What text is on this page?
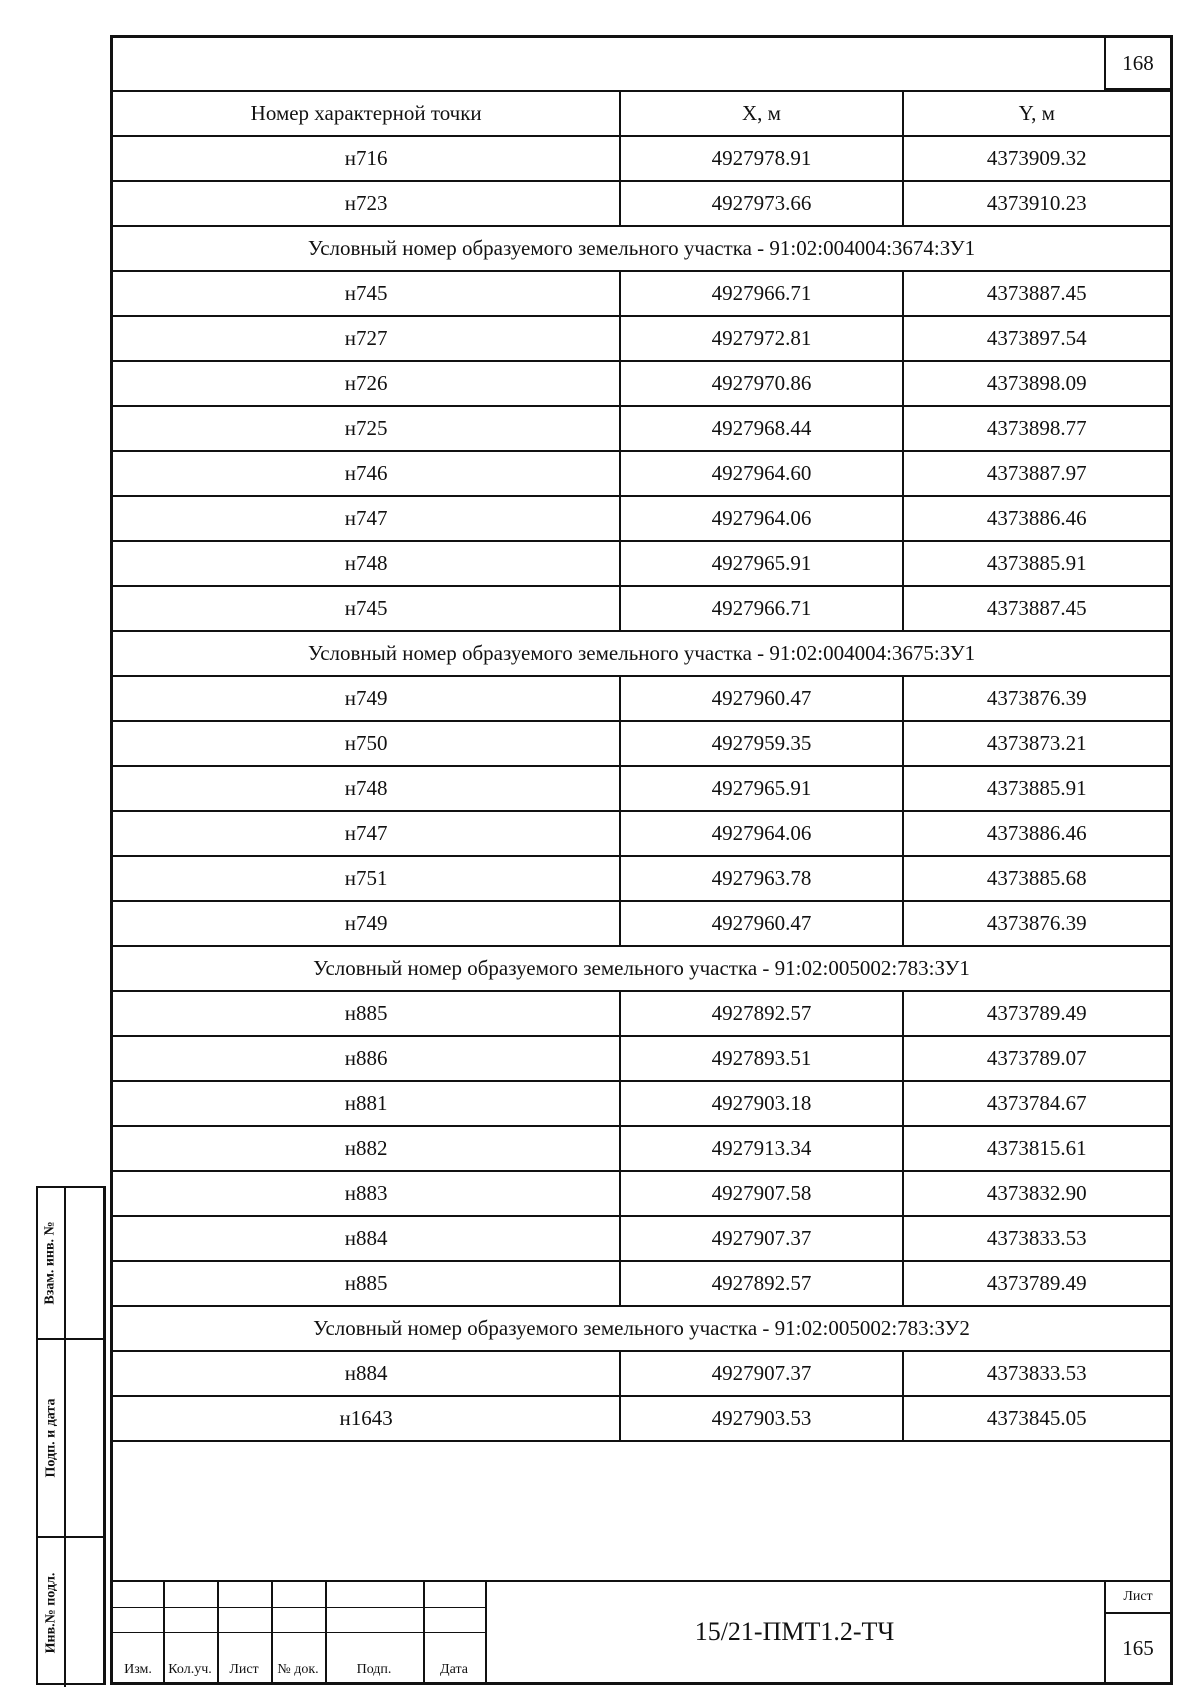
168
Номер характерной точки	X, м	Y, м
н716	4927978.91	4373909.32
н723	4927973.66	4373910.23
Условный номер образуемого земельного участка - 91:02:004004:3674:ЗУ1		
н745	4927966.71	4373887.45
н727	4927972.81	4373897.54
н726	4927970.86	4373898.09
н725	4927968.44	4373898.77
н746	4927964.60	4373887.97
н747	4927964.06	4373886.46
н748	4927965.91	4373885.91
н745	4927966.71	4373887.45
Условный номер образуемого земельного участка - 91:02:004004:3675:ЗУ1		
н749	4927960.47	4373876.39
н750	4927959.35	4373873.21
н748	4927965.91	4373885.91
н747	4927964.06	4373886.46
н751	4927963.78	4373885.68
н749	4927960.47	4373876.39
Условный номер образуемого земельного участка - 91:02:005002:783:ЗУ1		
н885	4927892.57	4373789.49
н886	4927893.51	4373789.07
н881	4927903.18	4373784.67
н882	4927913.34	4373815.61
н883	4927907.58	4373832.90
н884	4927907.37	4373833.53
н885	4927892.57	4373789.49
Условный номер образуемого земельного участка - 91:02:005002:783:ЗУ2		
н884	4927907.37	4373833.53
н1643	4927903.53	4373845.05
Изм.	Кол.уч.	Лист	№ док.	Подп.	Дата
15/21-ПМТ1.2-ТЧ
Лист
165
Взам. инв. №
Подп. и дата
Инв.№ подл.
